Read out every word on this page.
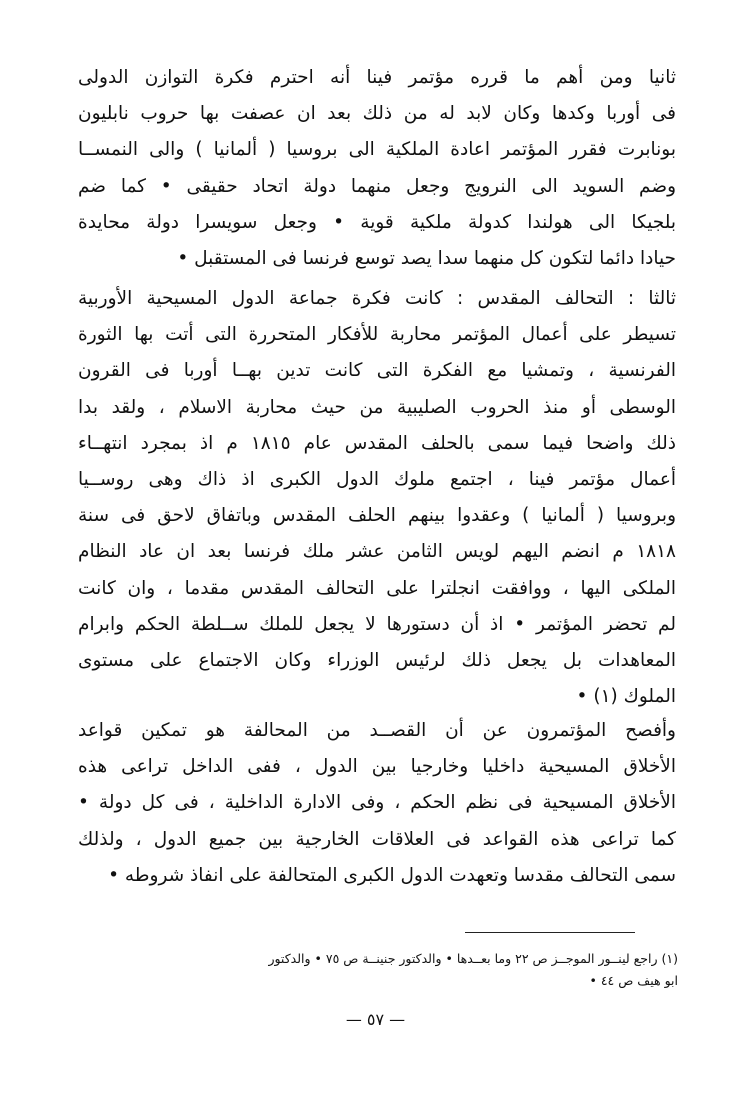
ثانيا ومن أهم ما قرره مؤتمر فينا أنه احترم فكرة التوازن الدولى
فى أوربا وكدها وكان لابد له من ذلك بعد ان عصفت بها حروب نابليون
بونابرت فقرر المؤتمر اعادة الملكية الى بروسيا ( ألمانيا ) والى النمســا
وضم السويد الى النرويج وجعل منهما دولة اتحاد حقيقى • كما ضم
بلجيكا الى هولندا كدولة ملكية قوية • وجعل سويسرا دولة محايدة
حيادا دائما لتكون كل منهما سدا يصد توسع فرنسا فى المستقبل •
ثالثا : التحالف المقدس : كانت فكرة جماعة الدول المسيحية الأوربية
تسيطر على أعمال المؤتمر محاربة للأفكار المتحررة التى أتت بها الثورة
الفرنسية ، وتمشيا مع الفكرة التى كانت تدين بهــا أوربا فى القرون
الوسطى أو منذ الحروب الصليبية من حيث محاربة الاسلام ، ولقد بدا
ذلك واضحا فيما سمى بالحلف المقدس عام ١٨١٥ م اذ بمجرد انتهــاء
أعمال مؤتمر فينا ، اجتمع ملوك الدول الكبرى اذ ذاك وهى روســيا
وبروسيا ( ألمانيا ) وعقدوا بينهم الحلف المقدس وباتفاق لاحق فى سنة
١٨١٨ م انضم اليهم لويس الثامن عشر ملك فرنسا بعد ان عاد النظام
الملكى اليها ، ووافقت انجلترا على التحالف المقدس مقدما ، وان كانت
لم تحضر المؤتمر • اذ أن دستورها لا يجعل للملك ســلطة الحكم وابرام
المعاهدات بل يجعل ذلك لرئيس الوزراء وكان الاجتماع على مستوى
الملوك (١) •
وأفصح المؤتمرون عن أن القصــد من المحالفة هو تمكين قواعد
الأخلاق المسيحية داخليا وخارجيا بين الدول ، ففى الداخل تراعى هذه
الأخلاق المسيحية فى نظم الحكم ، وفى الادارة الداخلية ، فى كل دولة •
كما تراعى هذه القواعد فى العلاقات الخارجية بين جميع الدول ، ولذلك
سمى التحالف مقدسا وتعهدت الدول الكبرى المتحالفة على انفاذ شروطه •
(١) راجع لينــور الموجــز ص ٢٢ وما بعــدها • والدكتور جنينــة ص ٧٥ • والدكتور
ابو هيف ص ٤٤ •
— ٥٧ —
